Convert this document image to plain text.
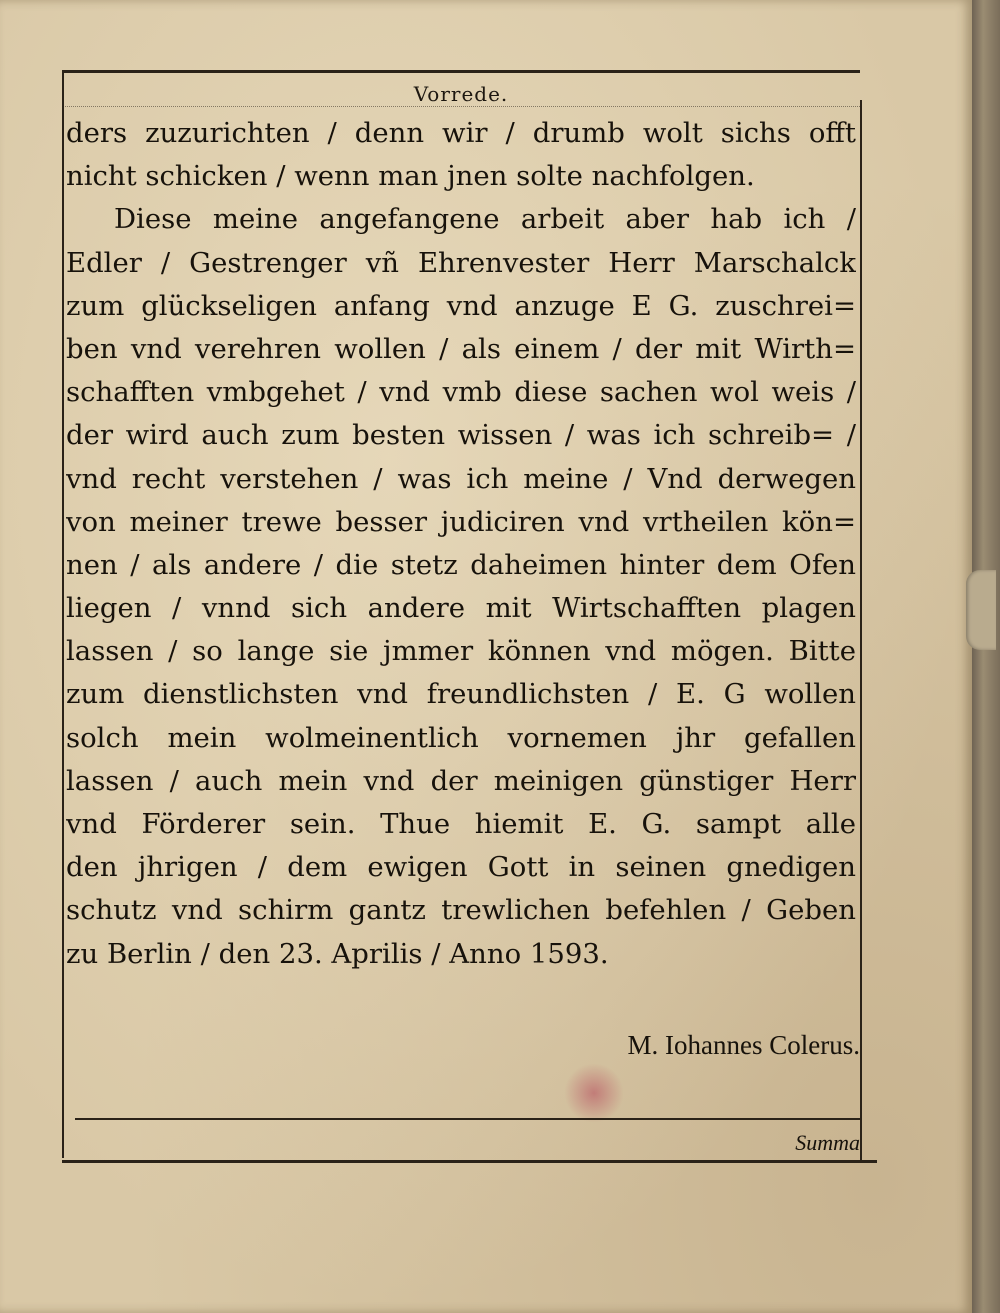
Vorrede.
ders zuzurichten / denn wir / drumb wolt sichs offt
nicht schicken / wenn man jnen solte nachfolgen.
Diese meine angefangene arbeit aber hab ich /
Edler / Gestrenger vñ Ehrenvester Herr Marschalck
zum glückseligen anfang vnd anzuge E G. zuschrei=
ben vnd verehren wollen / als einem / der mit Wirth=
schafften vmbgehet / vnd vmb diese sachen wol weis /
der wird auch zum besten wissen / was ich schreib= /
vnd recht verstehen / was ich meine / Vnd derwegen
von meiner trewe besser judiciren vnd vrtheilen kön=
nen / als andere / die stetz daheimen hinter dem Ofen
liegen / vnnd sich andere mit Wirtschafften plagen
lassen / so lange sie jmmer können vnd mögen. Bitte
zum dienstlichsten vnd freundlichsten / E. G wollen
solch mein wolmeinentlich vornemen jhr gefallen
lassen / auch mein vnd der meinigen günstiger Herr
vnd Förderer sein. Thue hiemit E. G. sampt alle
den jhrigen / dem ewigen Gott in seinen gnedigen
schutz vnd schirm gantz trewlichen befehlen / Geben
zu Berlin / den 23. Aprilis / Anno 1593.
M. Iohannes Colerus.
Summa
